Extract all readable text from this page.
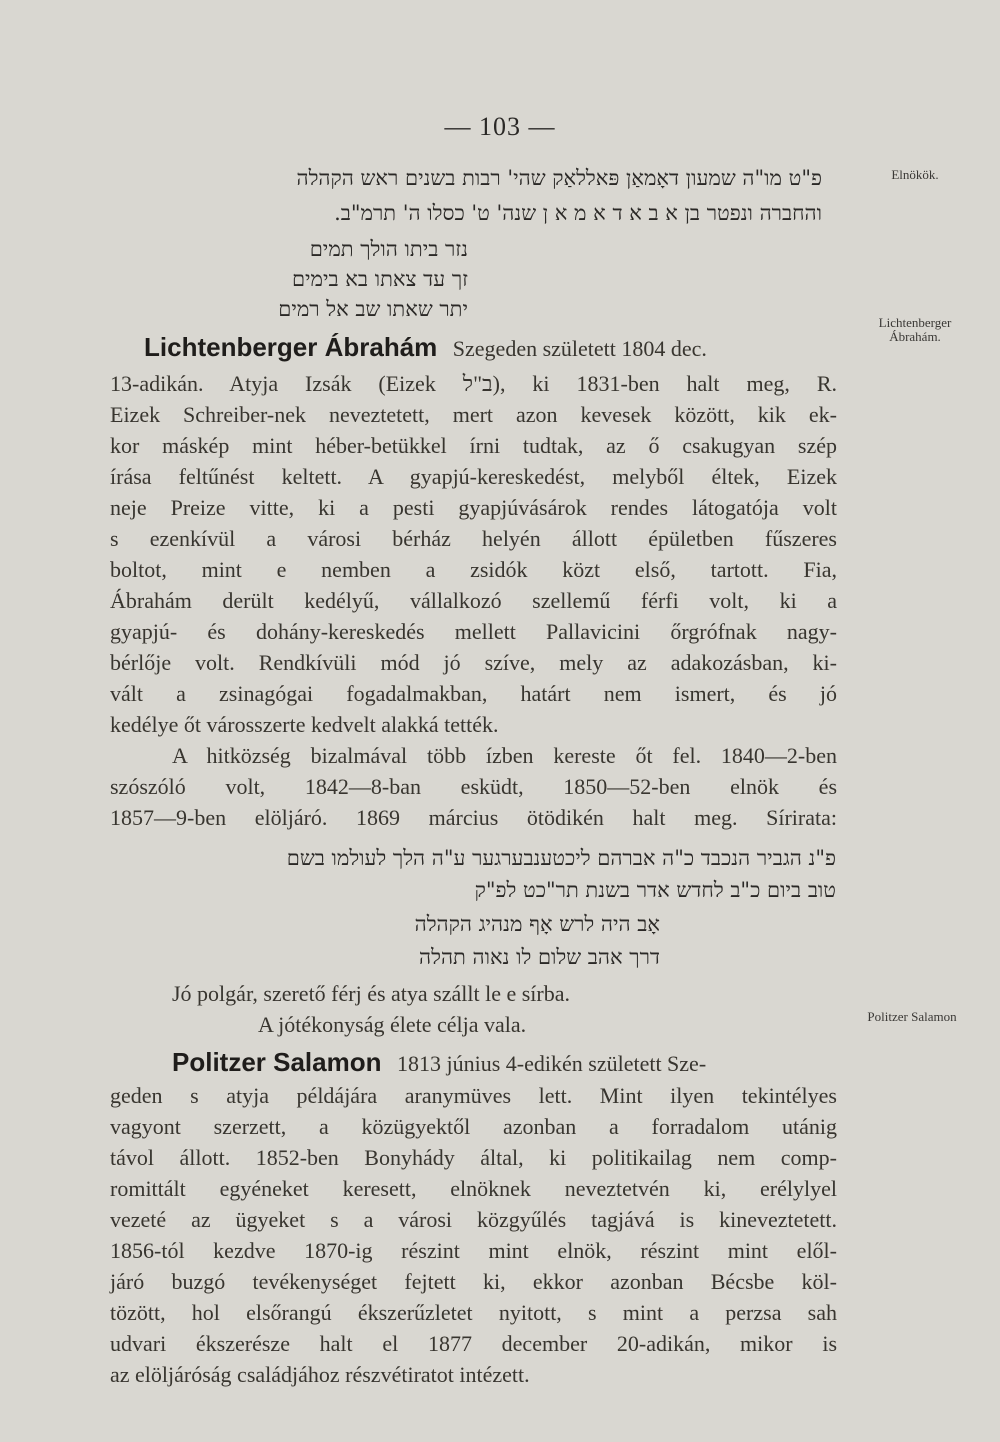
— 103 —
Elnökök.
Lichtenberger
Ábrahám.
Politzer Salamon
פ"ט מו"ה שמעון דאָמאַן פּאללאַק שהי' רבות בשנים ראש הקהלה
והחברה ונפטר בן א ב א ד א מ א ן שנה' ט' כסלו ה' תרמ"ב.
נזר ביתו הולך תמים
זך עד צאתו בא בימים
יתר שאתו שב אל רמים
Lichtenberger Ábrahám Szegeden született 1804 dec.
13-adikán. Atyja Izsák (Eizek ב"ל), ki 1831-ben halt meg, R.
Eizek Schreiber-nek neveztetett, mert azon kevesek között, kik ek-
kor máskép mint héber-betükkel írni tudtak, az ő csakugyan szép
írása feltűnést keltett. A gyapjú-kereskedést, melyből éltek, Eizek
neje Preize vitte, ki a pesti gyapjúvásárok rendes látogatója volt
s ezenkívül a városi bérház helyén állott épületben fűszeres
boltot, mint e nemben a zsidók közt első, tartott. Fia,
Ábrahám derült kedélyű, vállalkozó szellemű férfi volt, ki a
gyapjú- és dohány-kereskedés mellett Pallavicini őrgrófnak nagy-
bérlője volt. Rendkívüli mód jó szíve, mely az adakozásban, ki-
vált a zsinagógai fogadalmakban, határt nem ismert, és jó
kedélye őt városszerte kedvelt alakká tették.
A hitközség bizalmával több ízben kereste őt fel. 1840—2-ben
szószóló volt, 1842—8-ban esküdt, 1850—52-ben elnök és
1857—9-ben elöljáró. 1869 március ötödikén halt meg. Sírirata:
פ"נ הגביר הנכבד כ"ה אברהם ליכטענבערגער ע"ה הלך לעולמו בשם
טוב ביום כ"ב לחדש אדר בשנת תר"כט לפ"ק
אָב היה לרש אָף מנהיג הקהלה
דרך אהב שלום לו נאוה תהלה
Jó polgár, szerető férj és atya szállt le e sírba.
A jótékonyság élete célja vala.
Politzer Salamon 1813 június 4-edikén született Sze-
geden s atyja példájára aranymüves lett. Mint ilyen tekintélyes
vagyont szerzett, a közügyektől azonban a forradalom utánig
távol állott. 1852-ben Bonyhády által, ki politikailag nem comp-
romittált egyéneket keresett, elnöknek neveztetvén ki, erélylyel
vezeté az ügyeket s a városi közgyűlés tagjává is kineveztetett.
1856-tól kezdve 1870-ig részint mint elnök, részint mint elől-
járó buzgó tevékenységet fejtett ki, ekkor azonban Bécsbe köl-
tözött, hol elsőrangú ékszerűzletet nyitott, s mint a perzsa sah
udvari ékszerésze halt el 1877 december 20-adikán, mikor is
az elöljáróság családjához részvétiratot intézett.
